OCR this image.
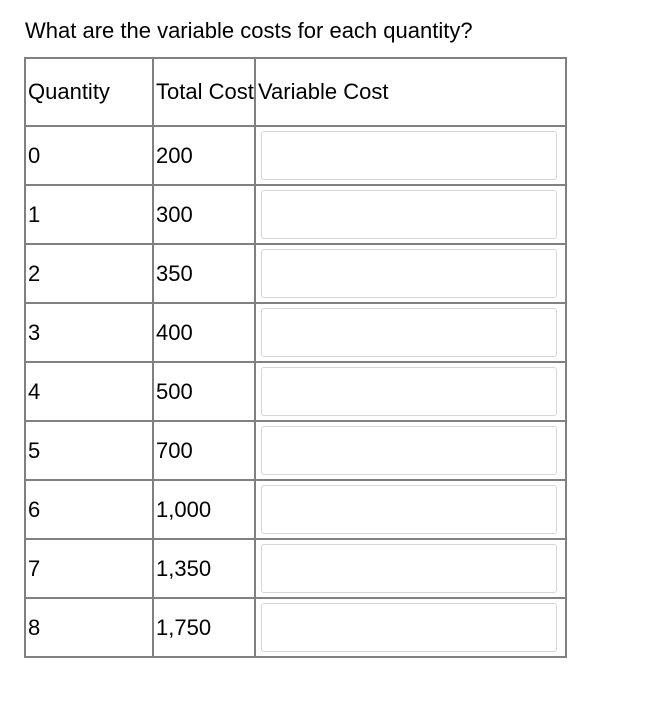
What are the variable costs for each quantity?
Quantity	Total Cost	Variable Cost
0	200	

1	300	

2	350	

3	400	

4	500	

5	700	

6	1,000	

7	1,350	

8	1,750	
